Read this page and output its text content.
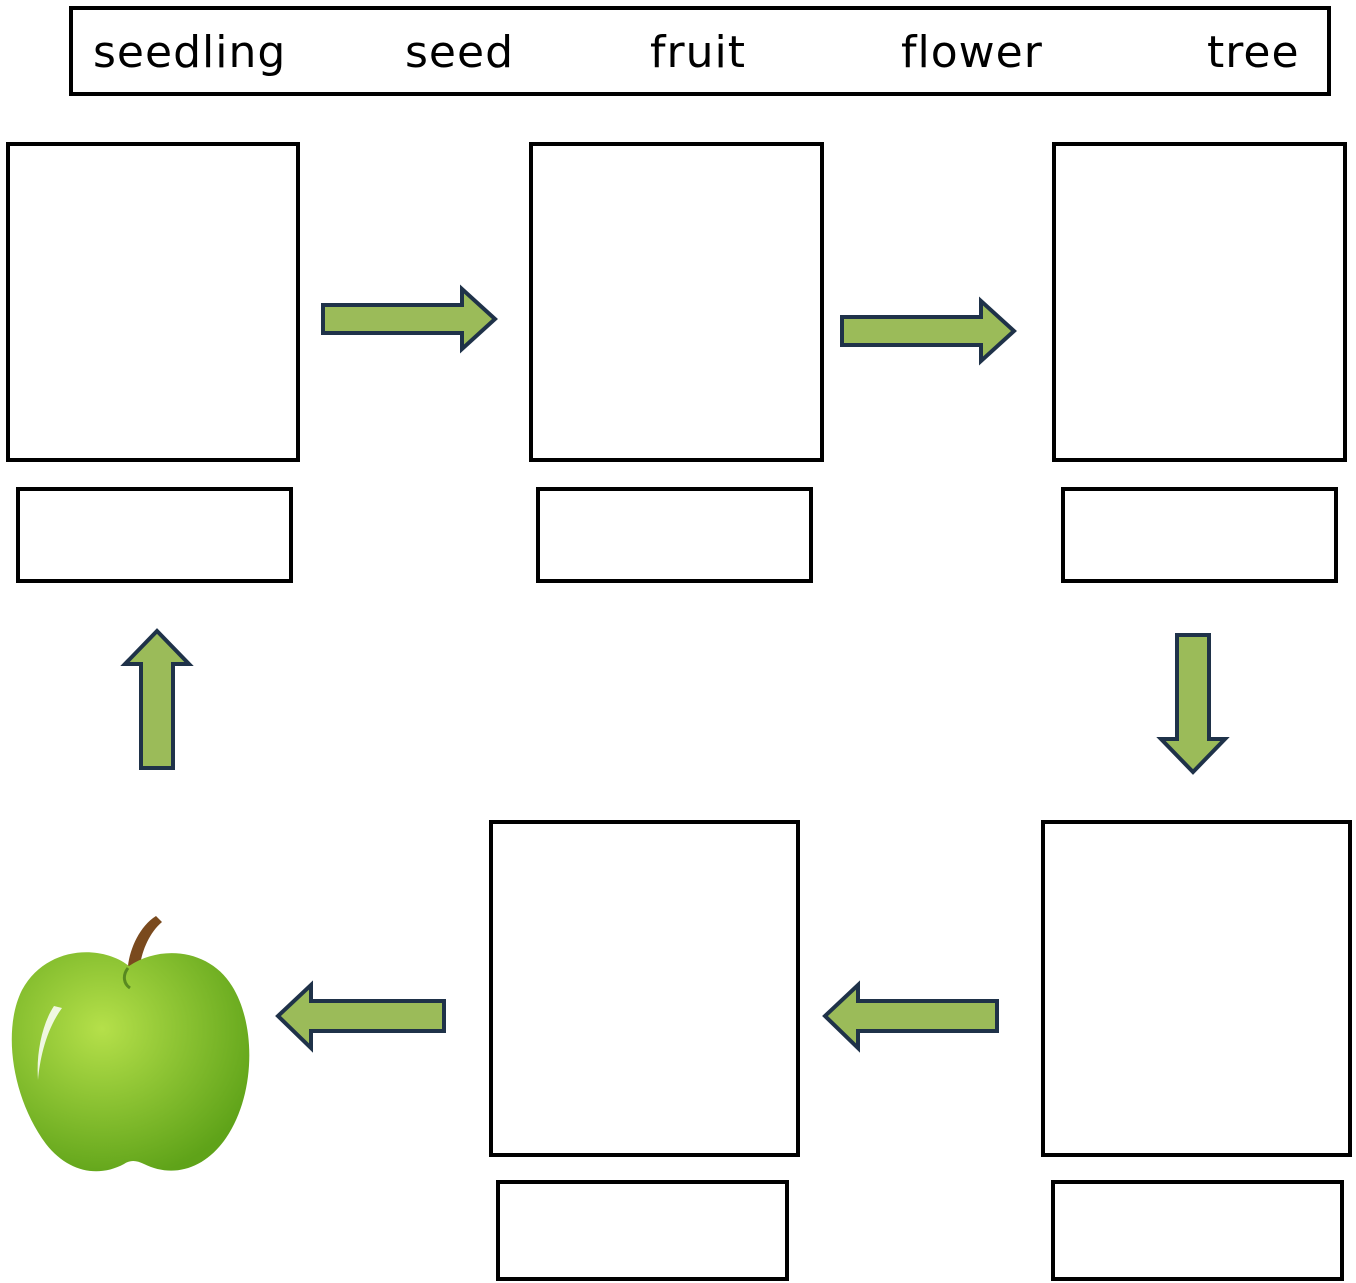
seedling	seed	fruit	flower	tree
